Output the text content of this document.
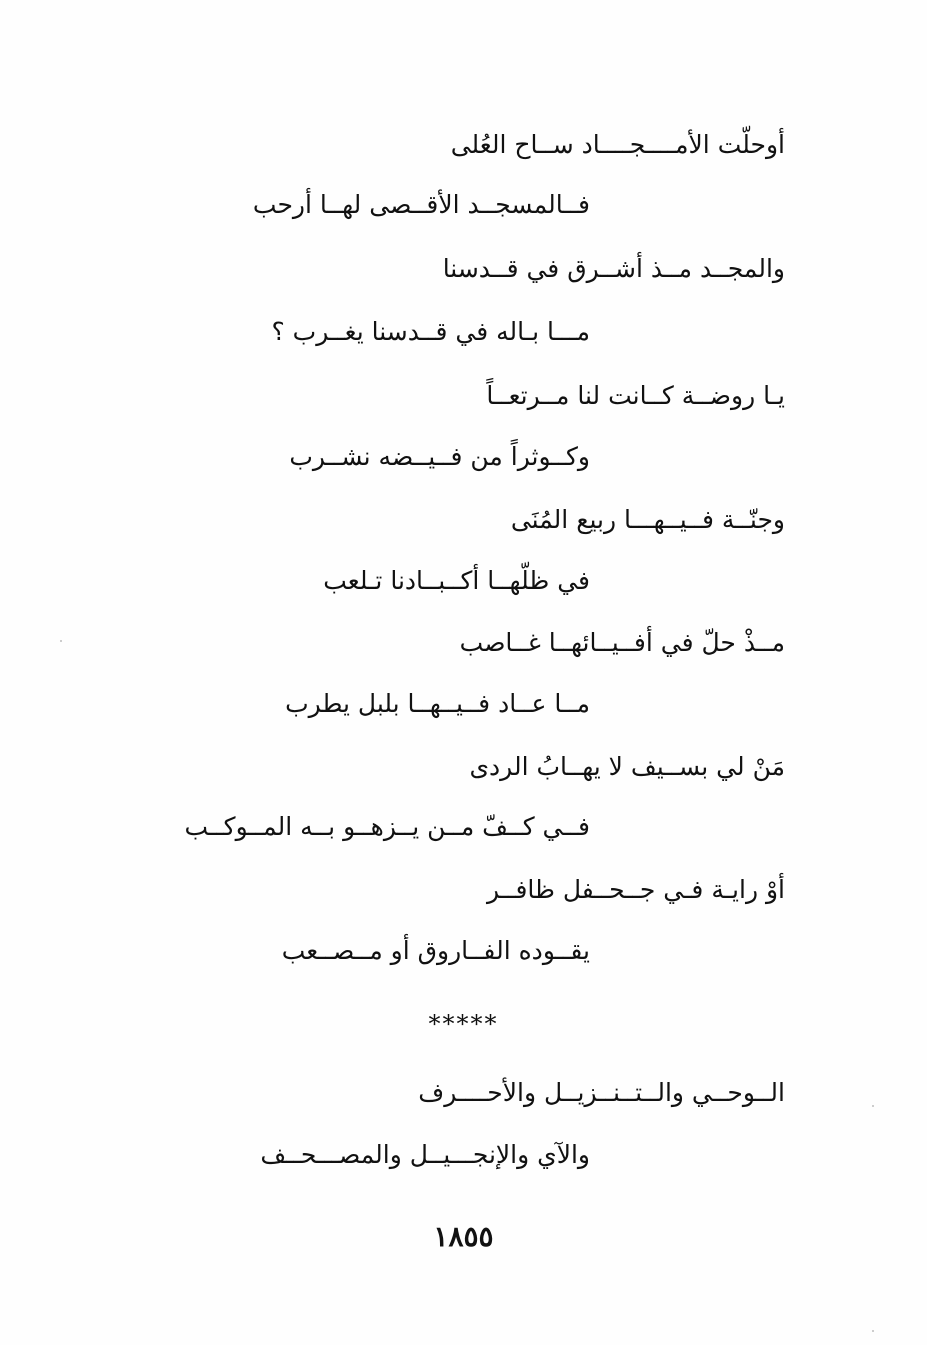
أوحلّت الأمــــجــــاد ســاح العُلى
فــالمسجــد الأقــصى لهــا أرحب
والمجــد مــذ أشــرق في قــدسنا
مـــا بـاله في قــدسنا يغــرب ؟
يـا روضــة كــانت لنا مــرتعــاً
وكــوثراً من فــيــضه نشــرب
وجنّــة فــيــهـــا ربيع المُنَى
في ظلّهــا أكــبــادنا تـلعب
مــذْ حلّ في أفــيــائهــا غــاصب
مــا عــاد فــيــهــا بلبل يطرب
مَنْ لي بســيف لا يهــابُ الردى
فــي كــفّ مــن يــزهــو بــه المــوكــب
أوْ رايـة فـي جــحــفل ظافــر
يقــوده الفــاروق أو مــصــعب
*****
الــوحــي والــتــنــزيــل والأحــــرف
والآي والإنجـــيــل والمصـــحــف
١٨٥٥
